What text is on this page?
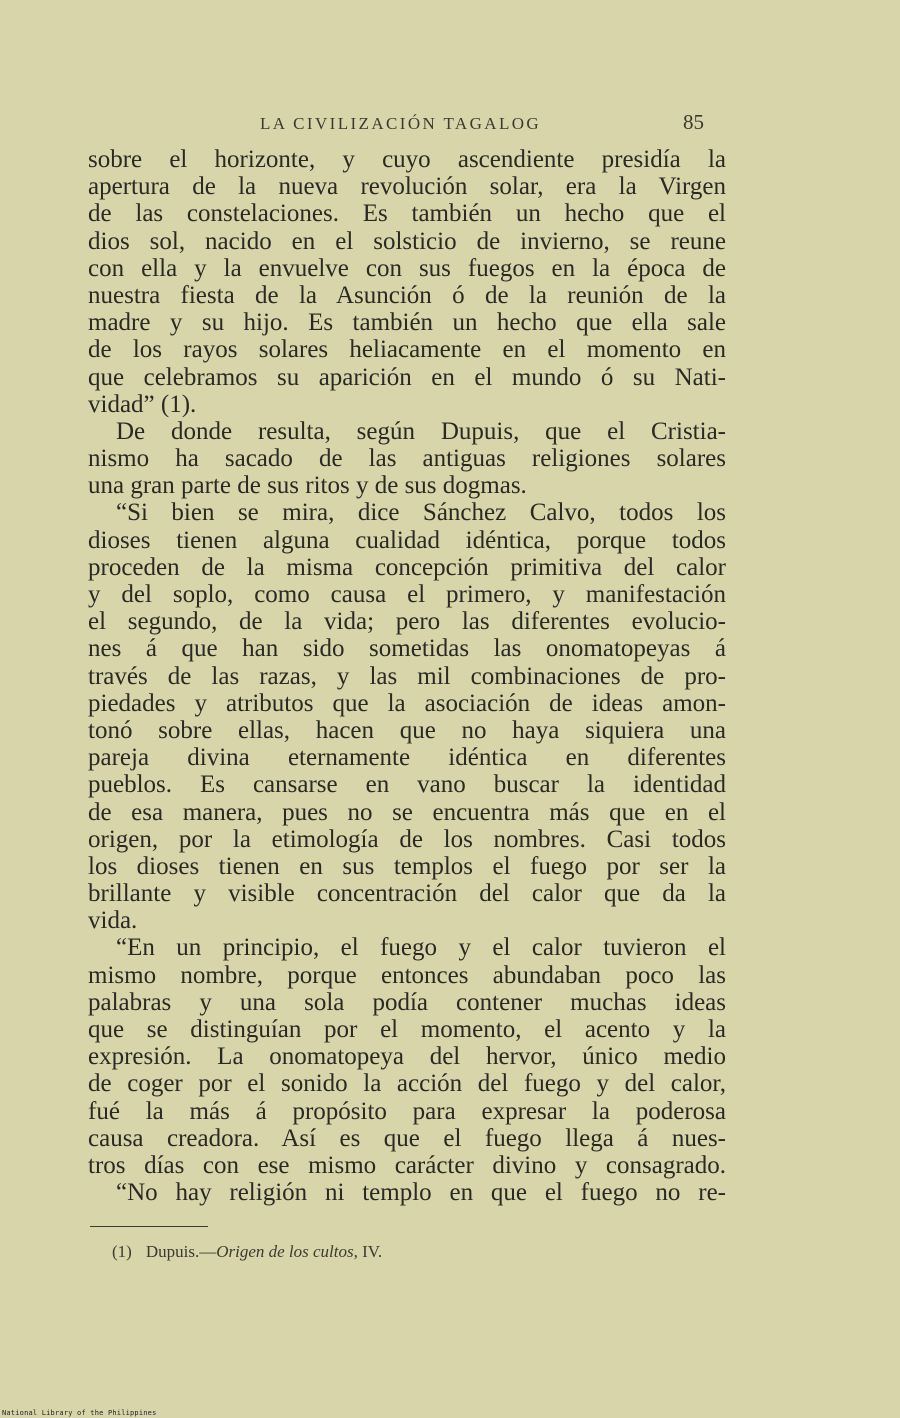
LA CIVILIZACIÓN TAGALOG	85
sobre el horizonte, y cuyo ascendiente presidía la
apertura de la nueva revolución solar, era la Virgen
de las constelaciones. Es también un hecho que el
dios sol, nacido en el solsticio de invierno, se reune
con ella y la envuelve con sus fuegos en la época de
nuestra fiesta de la Asunción ó de la reunión de la
madre y su hijo. Es también un hecho que ella sale
de los rayos solares heliacamente en el momento en
que celebramos su aparición en el mundo ó su Nati-
vidad” (1).
De donde resulta, según Dupuis, que el Cristia-
nismo ha sacado de las antiguas religiones solares
una gran parte de sus ritos y de sus dogmas.
“Si bien se mira, dice Sánchez Calvo, todos los
dioses tienen alguna cualidad idéntica, porque todos
proceden de la misma concepción primitiva del calor
y del soplo, como causa el primero, y manifestación
el segundo, de la vida; pero las diferentes evolucio-
nes á que han sido sometidas las onomatopeyas á
través de las razas, y las mil combinaciones de pro-
piedades y atributos que la asociación de ideas amon-
tonó sobre ellas, hacen que no haya siquiera una
pareja divina eternamente idéntica en diferentes
pueblos. Es cansarse en vano buscar la identidad
de esa manera, pues no se encuentra más que en el
origen, por la etimología de los nombres. Casi todos
los dioses tienen en sus templos el fuego por ser la
brillante y visible concentración del calor que da la
vida.
“En un principio, el fuego y el calor tuvieron el
mismo nombre, porque entonces abundaban poco las
palabras y una sola podía contener muchas ideas
que se distinguían por el momento, el acento y la
expresión. La onomatopeya del hervor, único medio
de coger por el sonido la acción del fuego y del calor,
fué la más á propósito para expresar la poderosa
causa creadora. Así es que el fuego llega á nues-
tros días con ese mismo carácter divino y consagrado.
“No hay religión ni templo en que el fuego no re-
(1) Dupuis.—Origen de los cultos, IV.
National Library of the Philippines
